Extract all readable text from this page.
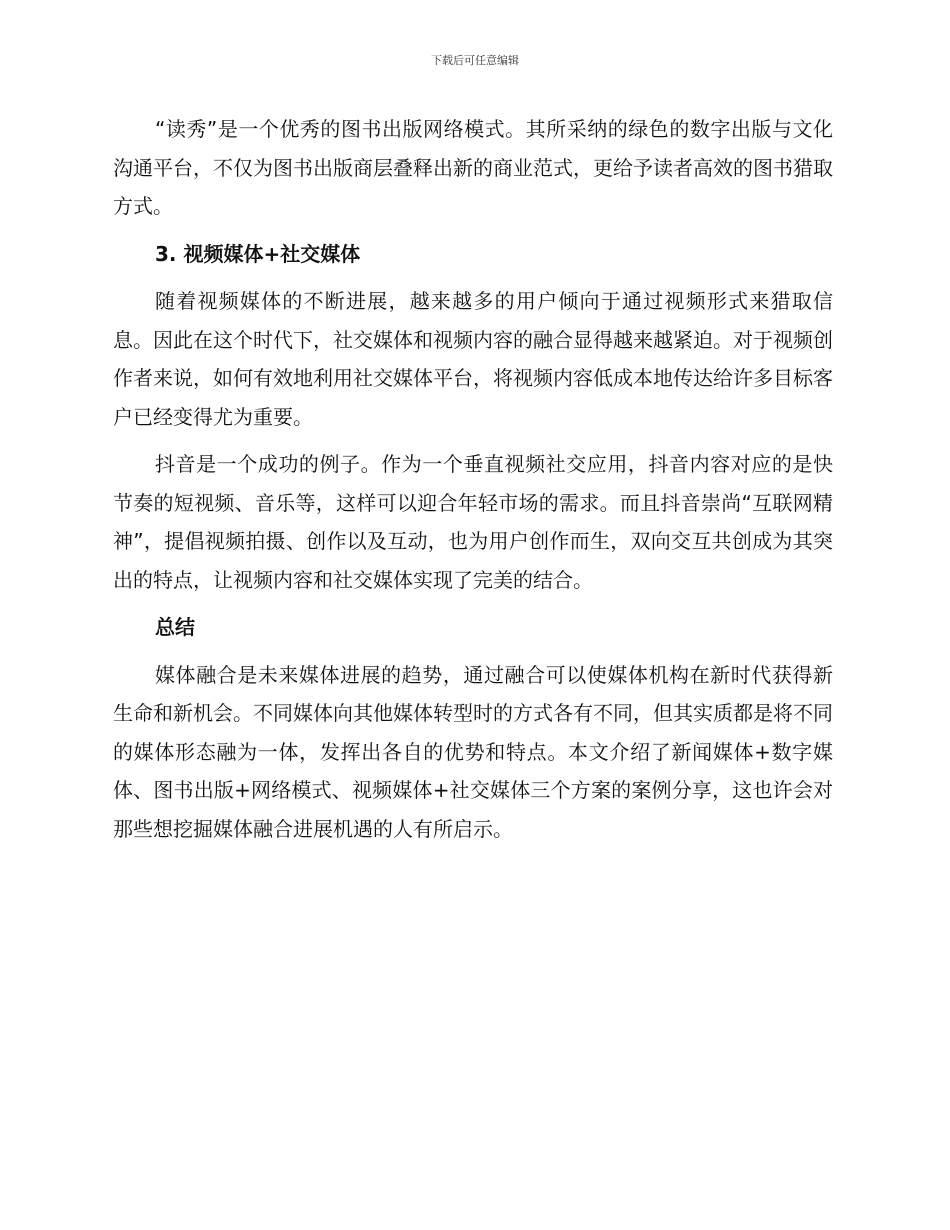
下载后可任意编辑

“读秀”是一个优秀的图书出版网络模式。其所采纳的绿色的数字出版与文化沟通平台，不仅为图书出版商层叠释出新的商业范式，更给予读者高效的图书猎取方式。

3. 视频媒体+社交媒体

随着视频媒体的不断进展，越来越多的用户倾向于通过视频形式来猎取信息。因此在这个时代下，社交媒体和视频内容的融合显得越来越紧迫。对于视频创作者来说，如何有效地利用社交媒体平台，将视频内容低成本地传达给许多目标客户已经变得尤为重要。

抖音是一个成功的例子。作为一个垂直视频社交应用，抖音内容对应的是快节奏的短视频、音乐等，这样可以迎合年轻市场的需求。而且抖音崇尚“互联网精神”，提倡视频拍摄、创作以及互动，也为用户创作而生，双向交互共创成为其突出的特点，让视频内容和社交媒体实现了完美的结合。

总结

媒体融合是未来媒体进展的趋势，通过融合可以使媒体机构在新时代获得新生命和新机会。不同媒体向其他媒体转型时的方式各有不同，但其实质都是将不同的媒体形态融为一体，发挥出各自的优势和特点。本文介绍了新闻媒体+数字媒体、图书出版+网络模式、视频媒体+社交媒体三个方案的案例分享，这也许会对那些想挖掘媒体融合进展机遇的人有所启示。
